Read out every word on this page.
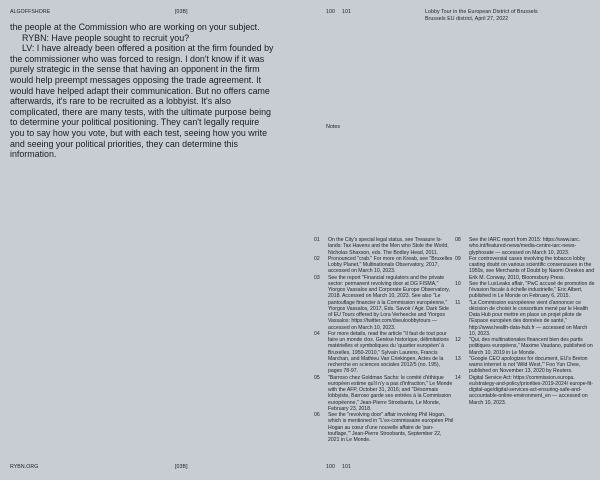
ALGOFFSHORE	[03B]

the people at the Commission who are working on your subject.

RYBN: Have people sought to recruit you?

LV: I have already been offered a position at the firm founded by the commissioner who was forced to resign. I don't know if it was purely strategic in the sense that having an opponent in the firm would help preempt messages opposing the trade agreement. It would have helped adapt their communication. But no offers came afterwards, it's rare to be recruited as a lobbyist. It's also complicated, there are many tests, with the ultimate purpose being to determine your political positioning. They can't legally require you to say how you vote, but with each test, seeing how you write and seeing your political priorities, they can determine this information.

RYBN.ORG	[03B]
100 101	Lobby Tour in the European District of Brussels
Brussels EU district, April 27, 2022
Notes
01	On the City's special legal status, see Treasure Islands: Tax Havens and the Men who Stole the World, Nicholas Shaxson, eds. The Bodley Head, 2011.
02	Pronounced "crab." For more on Kreab, see "Bruxelles Lobby Planet," Multinationals Observatory, 2017, accessed on March 10, 2023.
03	See the report "Financial regulators and the private sector: permanent revolving door at DG FISMA," Yiorgos Vassalos and Corporate Europe Observatory, 2018. Accessed on March 10, 2023. See also "Le pantouflage financier à la Commission européenne," Yiorgos Vassalos, 2017, Éds. Savoir / Agir. Dark Side of EU Tours offered by Lora Verheecke and Yiorgos Vassalos: https://twitter.com/dseuloobbytours — accessed on March 10, 2023.
04	For more details, read the article "Il faut de tout pour faire un monde clos. Genèse historique, délimitations matérielles et symboliques du 'quartier européen' à Bruxelles, 1950-2010," Sylvain Laurens, Francis Marchan, and Mathieu Van Criekingen, Actes de la recherche en sciences sociales 2012/5 (no. 195), pages 78-97.
05	"Barroso chez Goldman Sachs: le comité d'éthique européen estime qu'il n'y a pas d'infraction," Le Monde with the AFP, October 31, 2016; and "Désormais lobbyiste, Barroso garde ses entrées à la Commission européenne," Jean-Pierre Stroobants, Le Monde, February 23, 2018.
06	See the "revolving door" affair involving Phil Hogan, which is mentioned in "L'ex-commissaire européen Phil Hogan au cœur d'une nouvelle affaire de 'pantouflage,'" Jean-Pierre Stroobants, September 22, 2021 in Le Monde.
08	See the IARC report from 2015: https://www.iarc. who.int/featured-news/media-centre-iarc-newsglyphosate — accessed on March 10, 2023.
09	For controversial cases involving the tobacco lobby casting doubt on various scientific consensuses in the 1950s, see Merchants of Doubt by Naomi Oreskes and Erik M. Conway, 2010, Bloomsbury Press.
10	See the LuxLeaks affair, "PwC accusé de promotion de l'évasion fiscale à échelle industrielle," Eric Albert, published in Le Monde on February 6, 2015.
11	"La Commission européenne vient d'annoncer ce décision de choisir le consortium mené par le Health Data Hub pour mettre en place un projet pilote de l'Espace européen des données de santé," http://www.health-data-hub.fr — accessed on March 10, 2023.
12	"Qui, des multinationales financent bien des partis politiques européens," Maxime Vaudano, published on March 10, 2019 in Le Monde.
13	"Google CEO apologizes for document, EU's Breton warns internet is not 'Wild West,'" Foo Yun Chee, published on November 13, 2020 by Reuters.
14	Digital Service Act: https://commission.europa. eu/strategy-and-policy/priorities-2019-2024/ europe-fit-digital-age/digital-services-act-ensuring-safe-and-accountable-online-environment_en — accessed on March 10, 2023.
100 101
